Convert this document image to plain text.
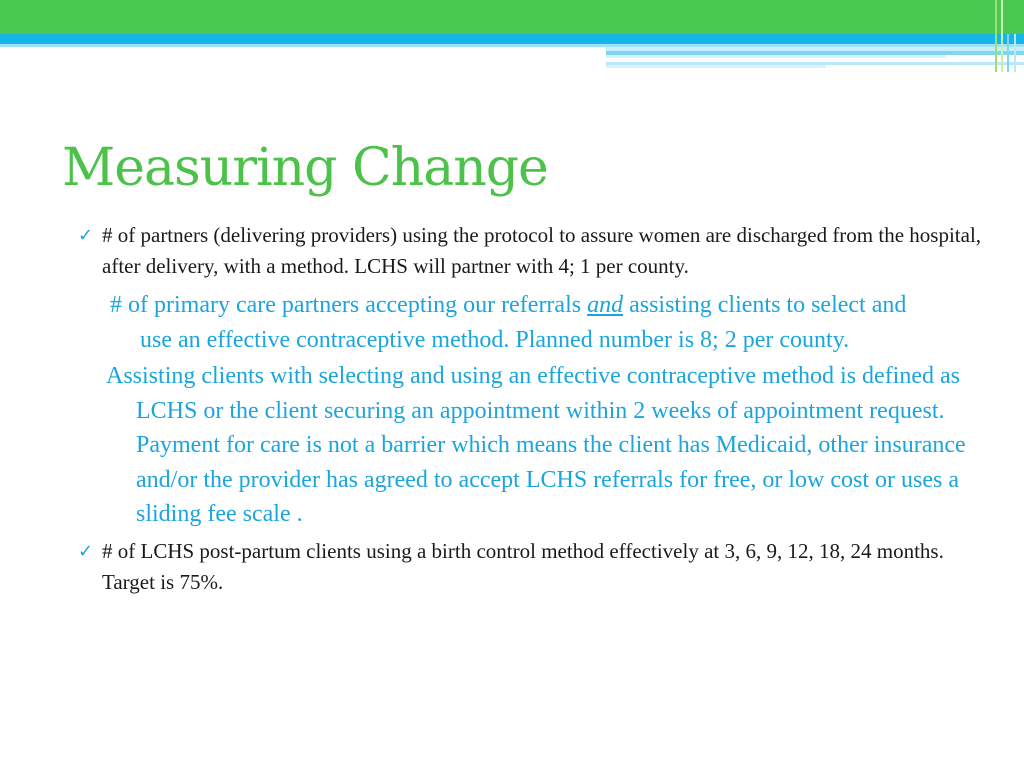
Measuring Change
✓ # of partners (delivering providers) using the protocol to assure women are discharged from the hospital, after delivery, with a method. LCHS will partner with 4; 1 per county.
# of primary care partners accepting our referrals and assisting clients to select and use an effective contraceptive method. Planned number is 8; 2 per county.
Assisting clients with selecting and using an effective contraceptive method is defined as LCHS or the client securing an appointment within 2 weeks of appointment request. Payment for care is not a barrier which means the client has Medicaid, other insurance and/or the provider has agreed to accept LCHS referrals for free, or low cost or uses a sliding fee scale .
✓ # of LCHS post-partum clients using a birth control method effectively at 3, 6, 9, 12, 18, 24 months. Target is 75%.
